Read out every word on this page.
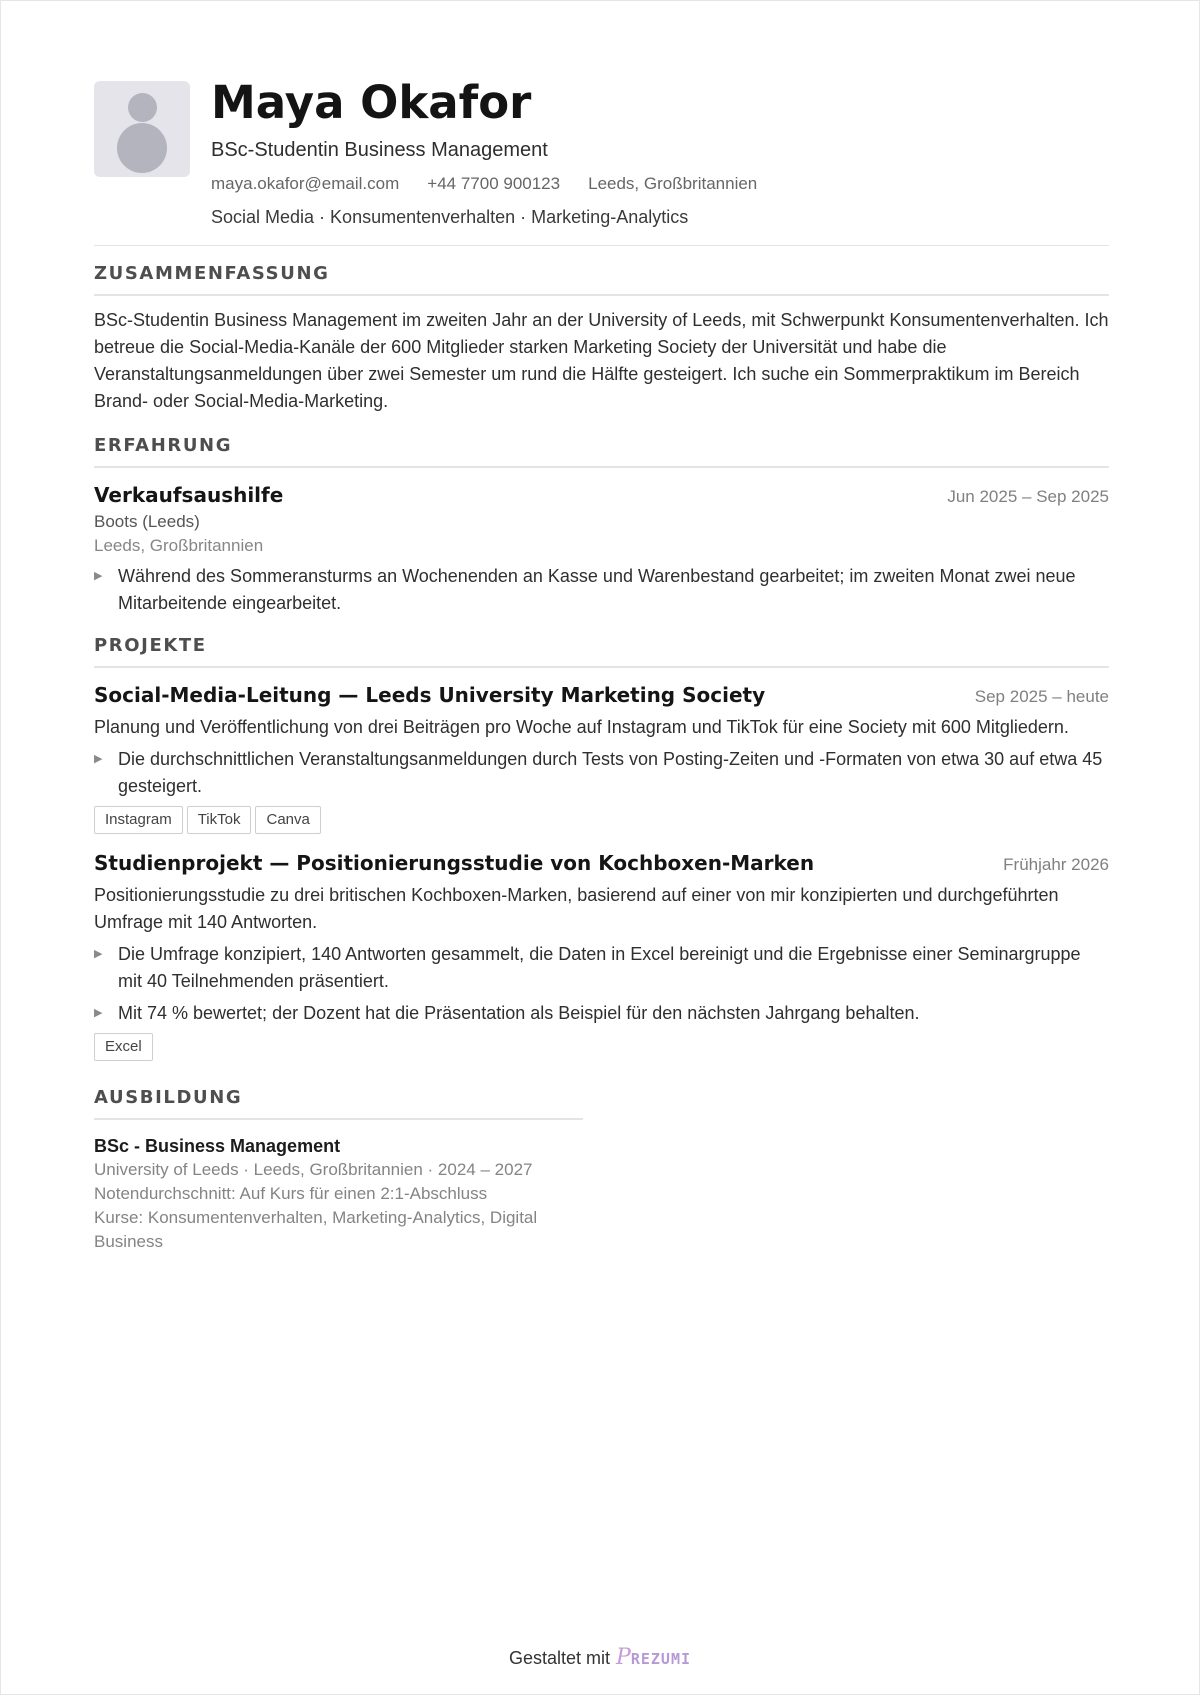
Maya Okafor
BSc-Studentin Business Management
maya.okafor@email.com +44 7700 900123 Leeds, Großbritannien
Social Media · Konsumentenverhalten · Marketing-Analytics
ZUSAMMENFASSUNG
BSc-Studentin Business Management im zweiten Jahr an der University of Leeds, mit Schwerpunkt Konsumentenverhalten. Ich betreue die Social-Media-Kanäle der 600 Mitglieder starken Marketing Society der Universität und habe die Veranstaltungsanmeldungen über zwei Semester um rund die Hälfte gesteigert. Ich suche ein Sommerpraktikum im Bereich Brand- oder Social-Media-Marketing.
ERFAHRUNG
Verkaufsaushilfe	Jun 2025 – Sep 2025
Boots (Leeds)
Leeds, Großbritannien
▶ Während des Sommeransturms an Wochenenden an Kasse und Warenbestand gearbeitet; im zweiten Monat zwei neue Mitarbeitende eingearbeitet.
PROJEKTE
Social-Media-Leitung — Leeds University Marketing Society	Sep 2025 – heute
Planung und Veröffentlichung von drei Beiträgen pro Woche auf Instagram und TikTok für eine Society mit 600 Mitgliedern.
▶ Die durchschnittlichen Veranstaltungsanmeldungen durch Tests von Posting-Zeiten und -Formaten von etwa 30 auf etwa 45 gesteigert.
Instagram	TikTok	Canva
Studienprojekt — Positionierungsstudie von Kochboxen-Marken	Frühjahr 2026
Positionierungsstudie zu drei britischen Kochboxen-Marken, basierend auf einer von mir konzipierten und durchgeführten Umfrage mit 140 Antworten.
▶ Die Umfrage konzipiert, 140 Antworten gesammelt, die Daten in Excel bereinigt und die Ergebnisse einer Seminargruppe mit 40 Teilnehmenden präsentiert.
▶ Mit 74 % bewertet; der Dozent hat die Präsentation als Beispiel für den nächsten Jahrgang behalten.
Excel
AUSBILDUNG
BSc - Business Management
University of Leeds · Leeds, Großbritannien · 2024 – 2027
Notendurchschnitt: Auf Kurs für einen 2:1-Abschluss
Kurse: Konsumentenverhalten, Marketing-Analytics, Digital Business
Gestaltet mit PREZUMI
